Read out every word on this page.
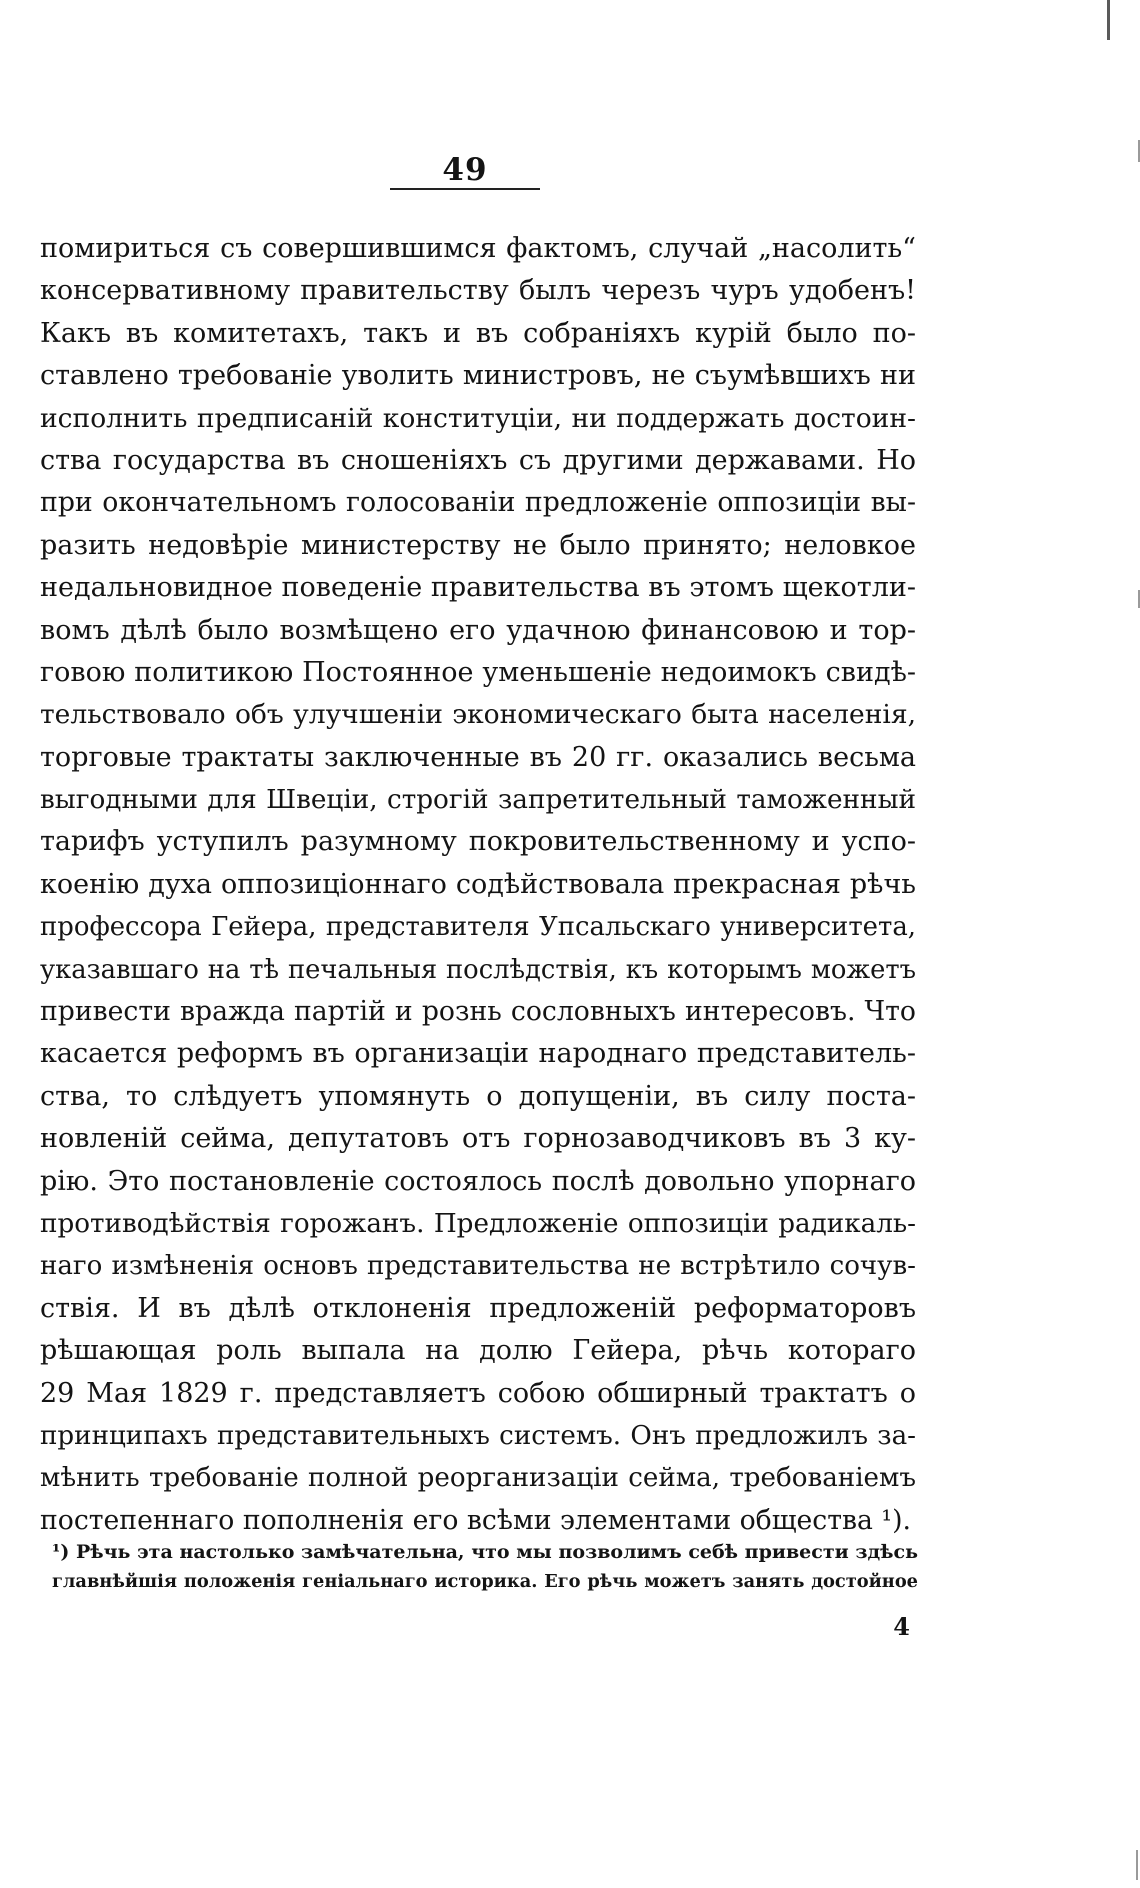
49
помириться съ совершившимся фактомъ, случай „насолить“
консервативному правительству былъ черезъ чуръ удобенъ!
Какъ въ комитетахъ, такъ и въ собраніяхъ курій было по-
ставлено требованіе уволить министровъ, не съумѣвшихъ ни
исполнить предписаній конституціи, ни поддержать достоин-
ства государства въ сношеніяхъ съ другими державами. Но
при окончательномъ голосованіи предложеніе оппозиціи вы-
разить недовѣріе министерству не было принято; неловкое
недальновидное поведеніе правительства въ этомъ щекотли-
вомъ дѣлѣ было возмѣщено его удачною финансовою и тор-
говою политикою Постоянное уменьшеніе недоимокъ свидѣ-
тельствовало объ улучшеніи экономическаго быта населенія,
торговые трактаты заключенные въ 20 гг. оказались весьма
выгодными для Швеціи, строгій запретительный таможенный
тарифъ уступилъ разумному покровительственному и успо-
коенію духа оппозиціоннаго содѣйствовала прекрасная рѣчь
профессора Гейера, представителя Упсальскаго университета,
указавшаго на тѣ печальныя послѣдствія, къ которымъ можетъ
привести вражда партій и рознь сословныхъ интересовъ. Что
касается реформъ въ организаціи народнаго представитель-
ства, то слѣдуетъ упомянуть о допущеніи, въ силу поста-
новленій сейма, депутатовъ отъ горнозаводчиковъ въ 3 ку-
рію. Это постановленіе состоялось послѣ довольно упорнаго
противодѣйствія горожанъ. Предложеніе оппозиціи радикаль-
наго измѣненія основъ представительства не встрѣтило сочув-
ствія. И въ дѣлѣ отклоненія предложеній реформаторовъ
рѣшающая роль выпала на долю Гейера, рѣчь котораго
29 Мая 1829 г. представляетъ собою обширный трактатъ о
принципахъ представительныхъ системъ. Онъ предложилъ за-
мѣнить требованіе полной реорганизаціи сейма, требованіемъ
постепеннаго пополненія его всѣми элементами общества ¹).
¹) Рѣчь эта настолько замѣчательна, что мы позволимъ себѣ привести здѣсь
главнѣйшія положенія геніальнаго историка. Его рѣчь можетъ занять достойное
4
